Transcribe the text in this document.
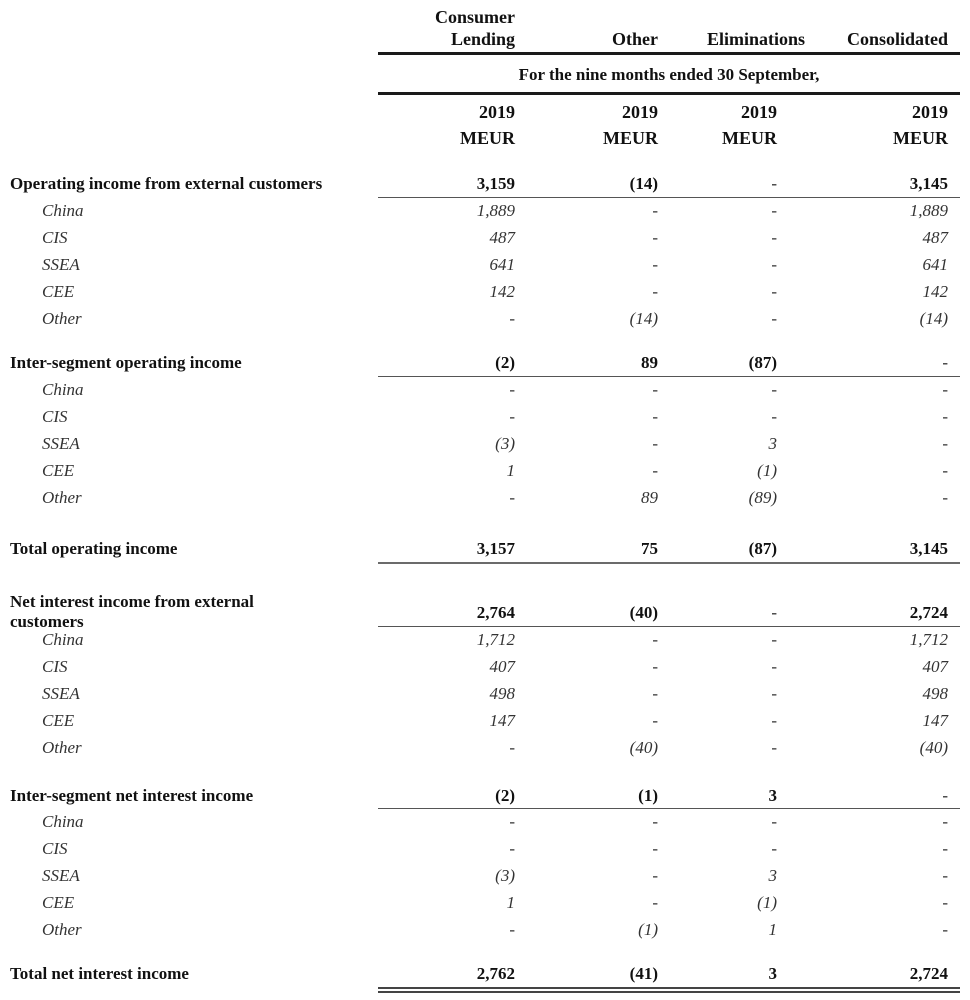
Consumer
Lending	Other	Eliminations	Consolidated
For the nine months ended 30 September,
2019	2019	2019	2019
MEUR	MEUR	MEUR	MEUR
Operating income from external customers	3,159	(14)	-	3,145
China	1,889	-	-	1,889
CIS	487	-	-	487
SSEA	641	-	-	641
CEE	142	-	-	142
Other	-	(14)	-	(14)
Inter-segment operating income	(2)	89	(87)	-
China	-	-	-	-
CIS	-	-	-	-
SSEA	(3)	-	3	-
CEE	1	-	(1)	-
Other	-	89	(89)	-
Total operating income	3,157	75	(87)	3,145
Net interest income from external
customers	2,764	(40)	-	2,724
China	1,712	-	-	1,712
CIS	407	-	-	407
SSEA	498	-	-	498
CEE	147	-	-	147
Other	-	(40)	-	(40)
Inter-segment net interest income	(2)	(1)	3	-
China	-	-	-	-
CIS	-	-	-	-
SSEA	(3)	-	3	-
CEE	1	-	(1)	-
Other	-	(1)	1	-
Total net interest income	2,762	(41)	3	2,724
